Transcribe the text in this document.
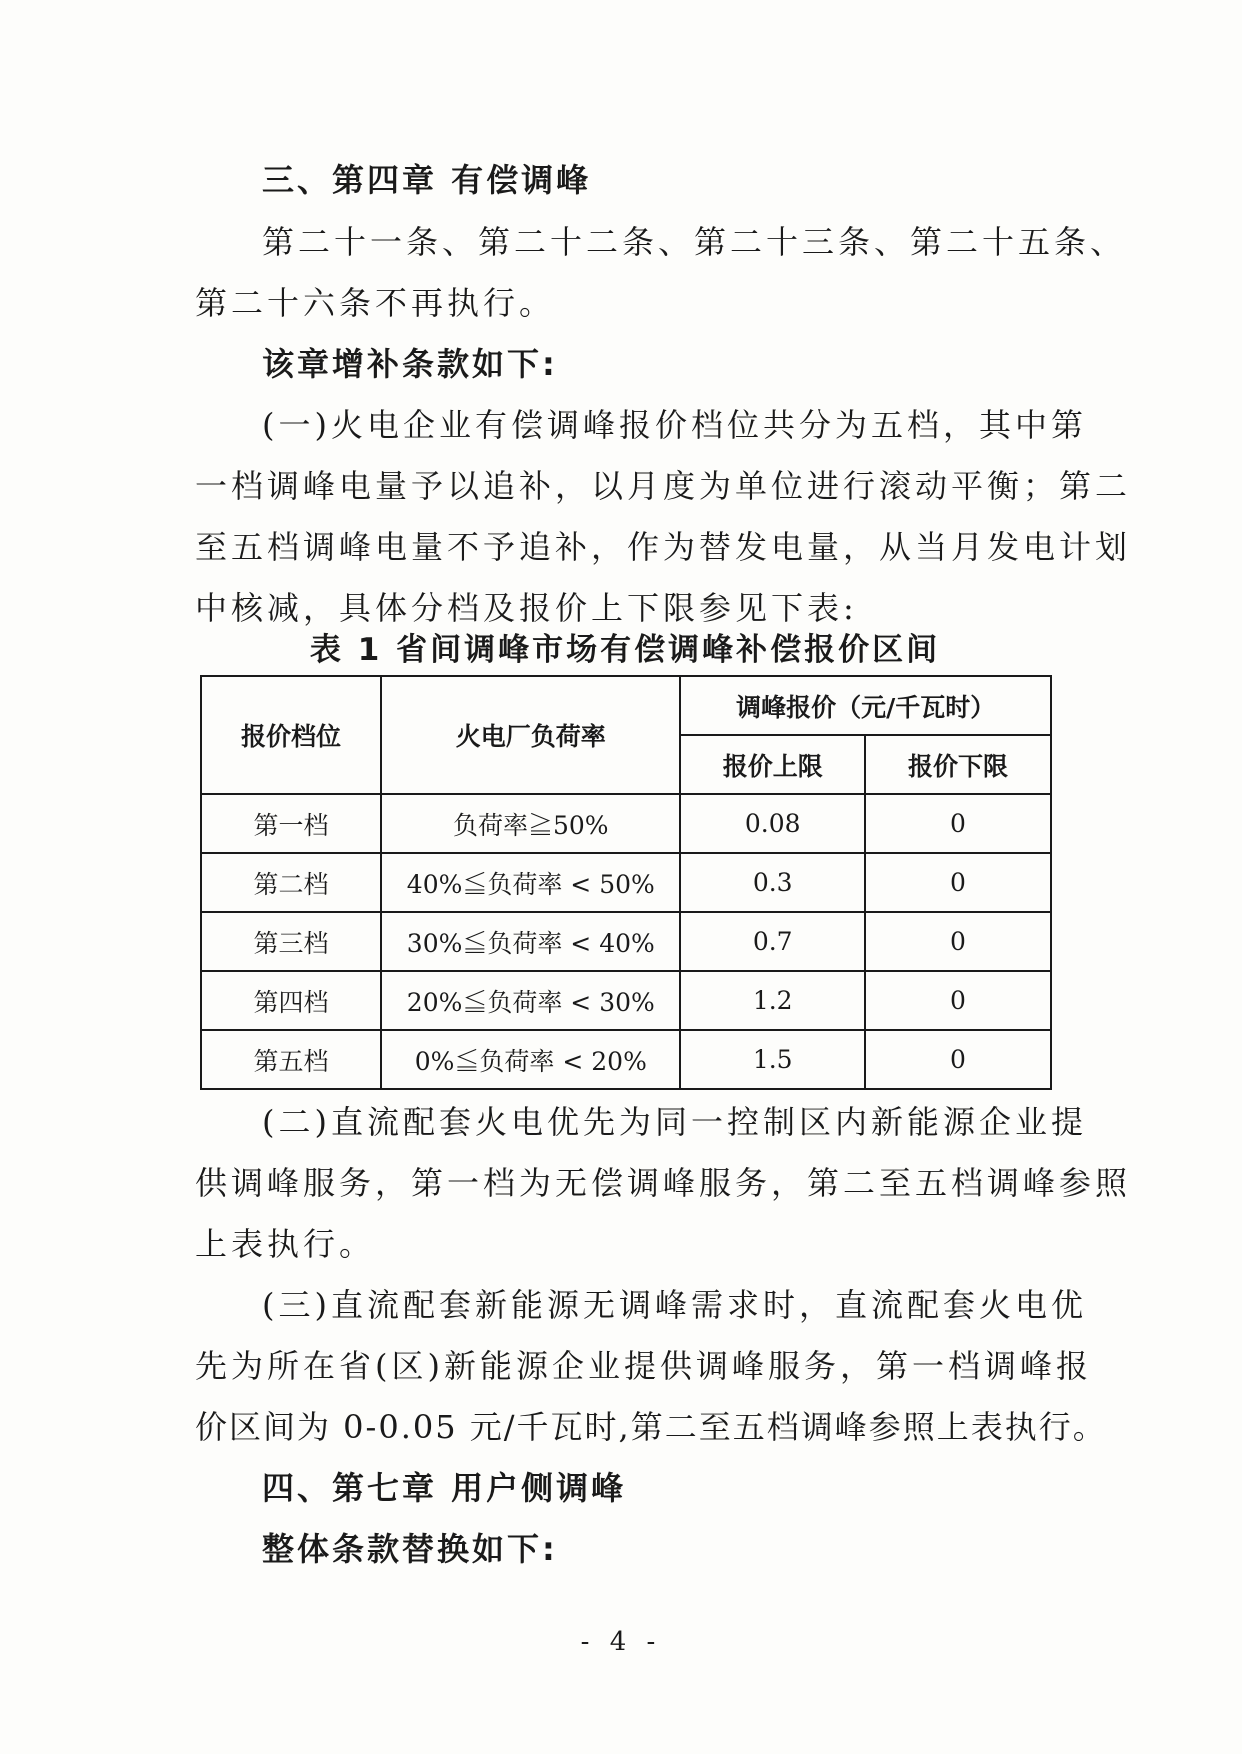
三、第四章 有偿调峰
第二十一条、第二十二条、第二十三条、第二十五条、
第二十六条不再执行。
该章增补条款如下:
(一)火电企业有偿调峰报价档位共分为五档，其中第
一档调峰电量予以追补，以月度为单位进行滚动平衡；第二
至五档调峰电量不予追补，作为替发电量，从当月发电计划
中核减，具体分档及报价上下限参见下表:
表 1 省间调峰市场有偿调峰补偿报价区间
报价档位	火电厂负荷率	调峰报价（元/千瓦时）	
		报价上限	报价下限
第一档	负荷率≧50%	0.08	0
第二档	40%≦负荷率 < 50%	0.3	0
第三档	30%≦负荷率 < 40%	0.7	0
第四档	20%≦负荷率 < 30%	1.2	0
第五档	0%≦负荷率 < 20%	1.5	0
(二)直流配套火电优先为同一控制区内新能源企业提
供调峰服务，第一档为无偿调峰服务，第二至五档调峰参照
上表执行。
(三)直流配套新能源无调峰需求时，直流配套火电优
先为所在省(区)新能源企业提供调峰服务，第一档调峰报
价区间为 0-0.05 元/千瓦时,第二至五档调峰参照上表执行。
四、第七章 用户侧调峰
整体条款替换如下:
- 4 -
